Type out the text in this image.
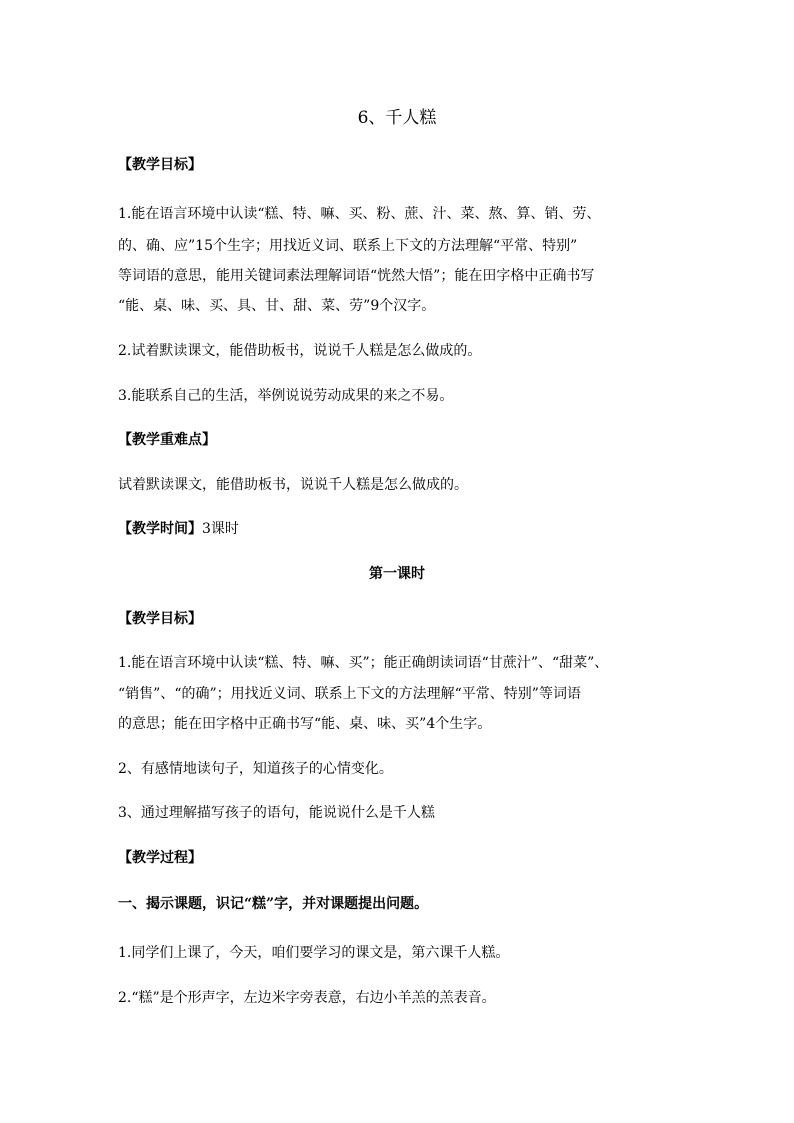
6、千人糕
【教学目标】
1.能在语言环境中认读“糕、特、嘛、买、粉、蔗、汁、菜、熬、算、销、劳、
的、确、应”15个生字；用找近义词、联系上下文的方法理解“平常、特别”
等词语的意思，能用关键词素法理解词语“恍然大悟”；能在田字格中正确书写
“能、桌、味、买、具、甘、甜、菜、劳”9个汉字。
2.试着默读课文，能借助板书，说说千人糕是怎么做成的。
3.能联系自己的生活，举例说说劳动成果的来之不易。
【教学重难点】
试着默读课文，能借助板书，说说千人糕是怎么做成的。
【教学时间】3课时
第一课时
【教学目标】
1.能在语言环境中认读“糕、特、嘛、买”；能正确朗读词语“甘蔗汁”、“甜菜”、
“销售”、“的确”；用找近义词、联系上下文的方法理解“平常、特别”等词语
的意思；能在田字格中正确书写“能、桌、味、买”4个生字。
2、有感情地读句子，知道孩子的心情变化。
3、通过理解描写孩子的语句，能说说什么是千人糕
【教学过程】
一、揭示课题，识记“糕”字，并对课题提出问题。
1.同学们上课了，今天，咱们要学习的课文是，第六课千人糕。
2.“糕”是个形声字，左边米字旁表意，右边小羊羔的羔表音。
